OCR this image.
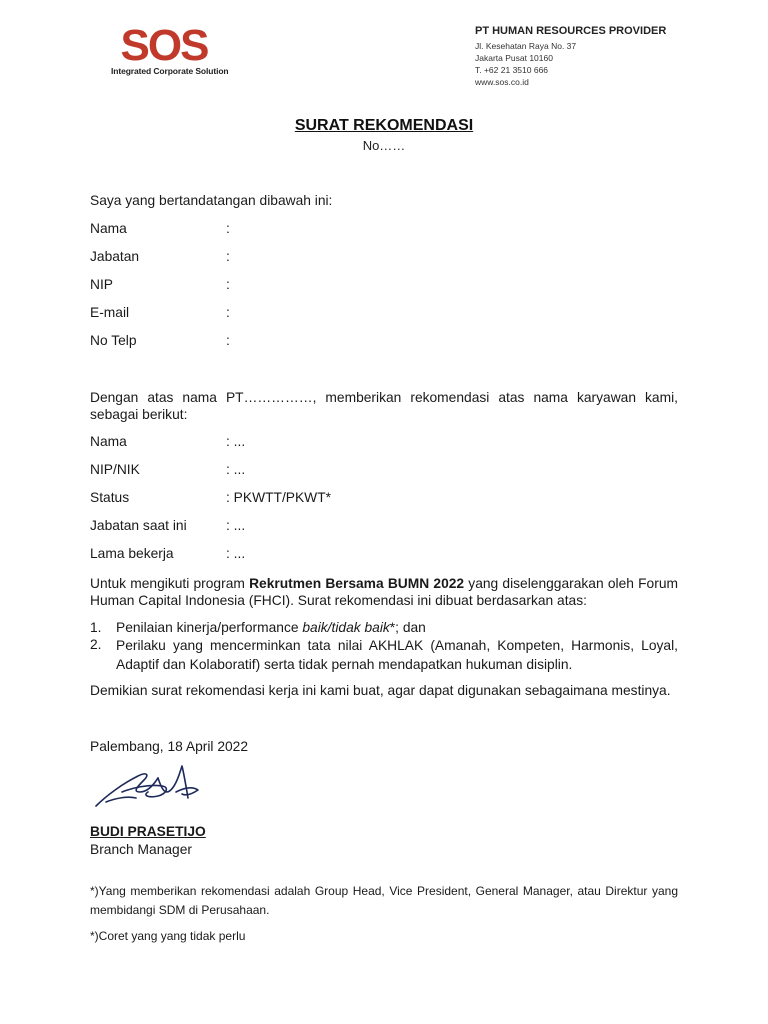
SOS
Integrated Corporate Solution
PT HUMAN RESOURCES PROVIDER
Jl. Kesehatan Raya No. 37
Jakarta Pusat 10160
T. +62 21 3510 666
www.sos.co.id
SURAT REKOMENDASI
No……
Saya yang bertandatangan dibawah ini:
Nama	:
Jabatan	:
NIP	:
E-mail	:
No Telp	:
Dengan atas nama PT……………, memberikan rekomendasi atas nama karyawan kami, sebagai berikut:
Nama	: ...
NIP/NIK	: ...
Status	: PKWTT/PKWT*
Jabatan saat ini	: ...
Lama bekerja	: ...
Untuk mengikuti program Rekrutmen Bersama BUMN 2022 yang diselenggarakan oleh Forum Human Capital Indonesia (FHCI). Surat rekomendasi ini dibuat berdasarkan atas:
1. Penilaian kinerja/performance baik/tidak baik*; dan
2. Perilaku yang mencerminkan tata nilai AKHLAK (Amanah, Kompeten, Harmonis, Loyal, Adaptif dan Kolaboratif) serta tidak pernah mendapatkan hukuman disiplin.
Demikian surat rekomendasi kerja ini kami buat, agar dapat digunakan sebagaimana mestinya.
Palembang, 18 April 2022
BUDI PRASETIJO
Branch Manager
*)Yang memberikan rekomendasi adalah Group Head, Vice President, General Manager, atau Direktur yang membidangi SDM di Perusahaan.
*)Coret yang yang tidak perlu
